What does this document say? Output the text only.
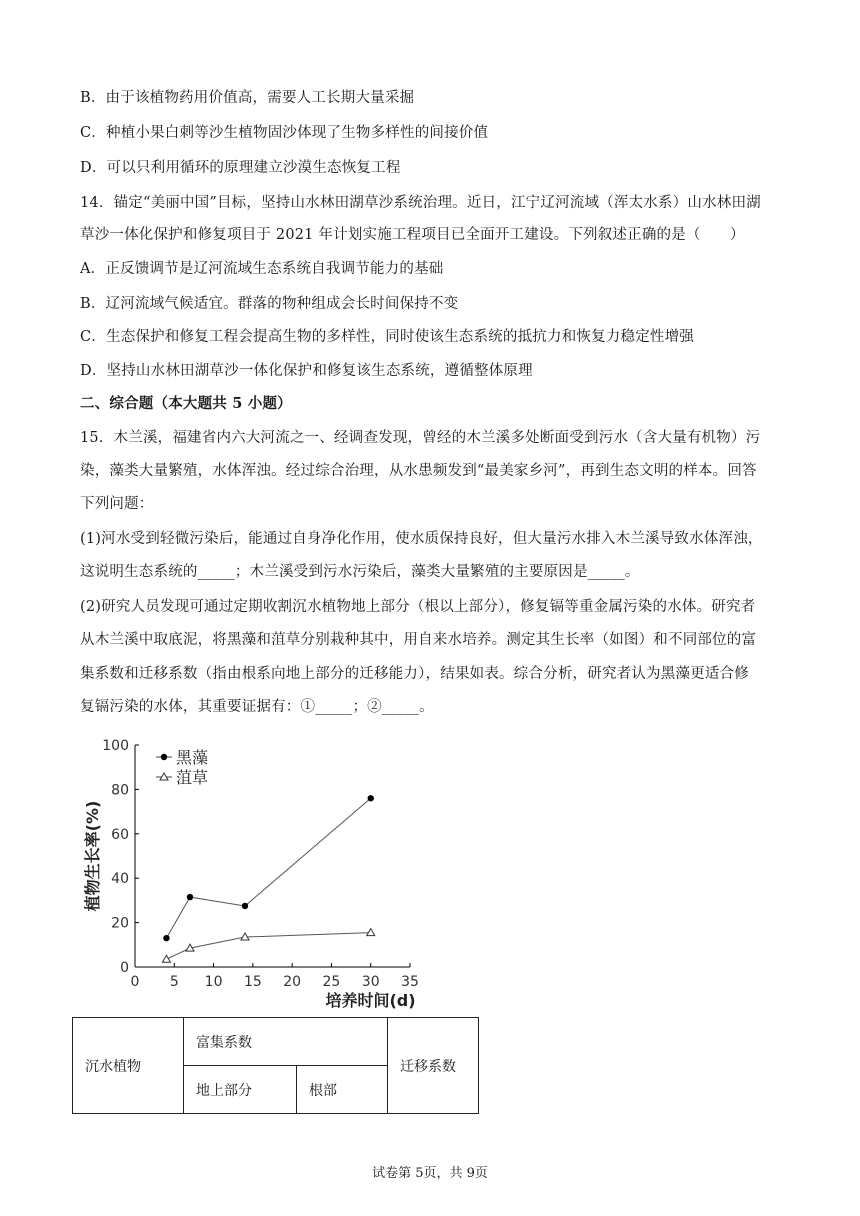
B．由于该植物药用价值高，需要人工长期大量采掘
C．种植小果白刺等沙生植物固沙体现了生物多样性的间接价值
D．可以只利用循环的原理建立沙漠生态恢复工程
14．锚定“美丽中国”目标，坚持山水林田湖草沙系统治理。近日，江宁辽河流域（浑太水系）山水林田湖
草沙一体化保护和修复项目于 2021 年计划实施工程项目已全面开工建设。下列叙述正确的是（　　）
A．正反馈调节是辽河流域生态系统自我调节能力的基础
B．辽河流域气候适宜。群落的物种组成会长时间保持不变
C．生态保护和修复工程会提高生物的多样性，同时使该生态系统的抵抗力和恢复力稳定性增强
D．坚持山水林田湖草沙一体化保护和修复该生态系统，遵循整体原理
二、综合题（本大题共 5 小题）
15．木兰溪，福建省内六大河流之一、经调查发现，曾经的木兰溪多处断面受到污水（含大量有机物）污
染，藻类大量繁殖，水体浑浊。经过综合治理，从水患频发到“最美家乡河”，再到生态文明的样本。回答
下列问题：
(1)河水受到轻微污染后，能通过自身净化作用，使水质保持良好，但大量污水排入木兰溪导致水体浑浊，
这说明生态系统的_____；木兰溪受到污水污染后，藻类大量繁殖的主要原因是_____。
(2)研究人员发现可通过定期收割沉水植物地上部分（根以上部分），修复镉等重金属污染的水体。研究者
从木兰溪中取底泥，将黑藻和菹草分别栽种其中，用自来水培养。测定其生长率（如图）和不同部位的富
集系数和迁移系数（指由根系向地上部分的迁移能力），结果如表。综合分析，研究者认为黑藻更适合修
复镉污染的水体，其重要证据有：①_____；②_____。
0
20
40
60
80
100
0 5 10 15 20 25 30 35
植物生长率(%)
培养时间(d)
黑藻
菹草
沉水植物	富集系数		迁移系数
	地上部分	根部	
试卷第 5页，共 9页
